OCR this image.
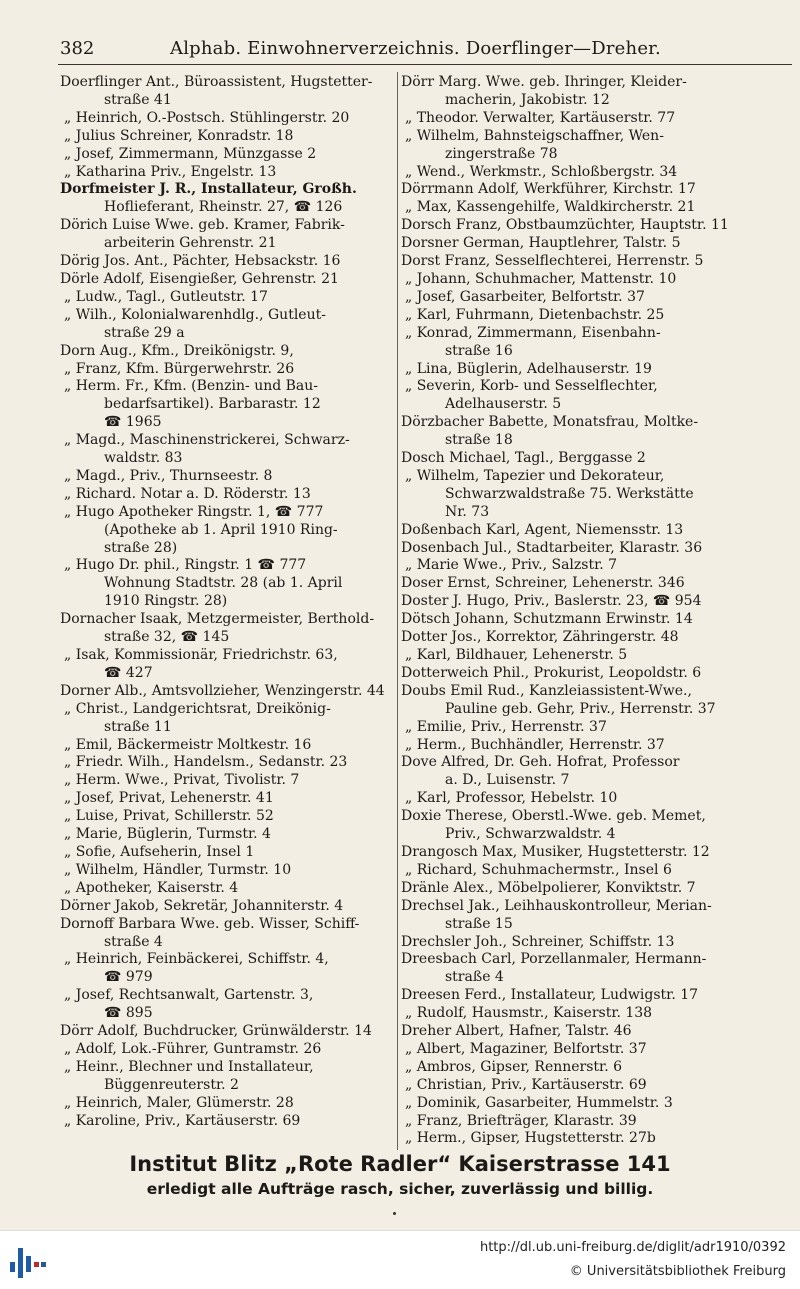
382	Alphab. Einwohnerverzeichnis. Doerflinger—Dreher.
Doerflinger Ant., Büroassistent, Hugstetter-
straße 41
„ Heinrich, O.-Postsch. Stühlingerstr. 20
„ Julius Schreiner, Konradstr. 18
„ Josef, Zimmermann, Münzgasse 2
„ Katharina Priv., Engelstr. 13
Dorfmeister J. R., Installateur, Großh.
Hoflieferant, Rheinstr. 27, ☎ 126
Dörich Luise Wwe. geb. Kramer, Fabrik-
arbeiterin Gehrenstr. 21
Dörig Jos. Ant., Pächter, Hebsackstr. 16
Dörle Adolf, Eisengießer, Gehrenstr. 21
„ Ludw., Tagl., Gutleutstr. 17
„ Wilh., Kolonialwarenhdlg., Gutleut-
straße 29 a
Dorn Aug., Kfm., Dreikönigstr. 9,
„ Franz, Kfm. Bürgerwehrstr. 26
„ Herm. Fr., Kfm. (Benzin- und Bau-
bedarfsartikel). Barbarastr. 12
☎ 1965
„ Magd., Maschinenstrickerei, Schwarz-
waldstr. 83
„ Magd., Priv., Thurnseestr. 8
„ Richard. Notar a. D. Röderstr. 13
„ Hugo Apotheker Ringstr. 1, ☎ 777
(Apotheke ab 1. April 1910 Ring-
straße 28)
„ Hugo Dr. phil., Ringstr. 1 ☎ 777
Wohnung Stadtstr. 28 (ab 1. April
1910 Ringstr. 28)
Dornacher Isaak, Metzgermeister, Berthold-
straße 32, ☎ 145
„ Isak, Kommissionär, Friedrichstr. 63,
☎ 427
Dorner Alb., Amtsvollzieher, Wenzingerstr. 44
„ Christ., Landgerichtsrat, Dreikönig-
straße 11
„ Emil, Bäckermeistr Moltkestr. 16
„ Friedr. Wilh., Handelsm., Sedanstr. 23
„ Herm. Wwe., Privat, Tivolistr. 7
„ Josef, Privat, Lehenerstr. 41
„ Luise, Privat, Schillerstr. 52
„ Marie, Büglerin, Turmstr. 4
„ Sofie, Aufseherin, Insel 1
„ Wilhelm, Händler, Turmstr. 10
„ Apotheker, Kaiserstr. 4
Dörner Jakob, Sekretär, Johanniterstr. 4
Dornoff Barbara Wwe. geb. Wisser, Schiff-
straße 4
„ Heinrich, Feinbäckerei, Schiffstr. 4,
☎ 979
„ Josef, Rechtsanwalt, Gartenstr. 3,
☎ 895
Dörr Adolf, Buchdrucker, Grünwälderstr. 14
„ Adolf, Lok.-Führer, Guntramstr. 26
„ Heinr., Blechner und Installateur,
Büggenreuterstr. 2
„ Heinrich, Maler, Glümerstr. 28
„ Karoline, Priv., Kartäuserstr. 69
Dörr Marg. Wwe. geb. Ihringer, Kleider-
macherin, Jakobistr. 12
„ Theodor. Verwalter, Kartäuserstr. 77
„ Wilhelm, Bahnsteigschaffner, Wen-
zingerstraße 78
„ Wend., Werkmstr., Schloßbergstr. 34
Dörrmann Adolf, Werkführer, Kirchstr. 17
„ Max, Kassengehilfe, Waldkircherstr. 21
Dorsch Franz, Obstbaumzüchter, Hauptstr. 11
Dorsner German, Hauptlehrer, Talstr. 5
Dorst Franz, Sesselflechterei, Herrenstr. 5
„ Johann, Schuhmacher, Mattenstr. 10
„ Josef, Gasarbeiter, Belfortstr. 37
„ Karl, Fuhrmann, Dietenbachstr. 25
„ Konrad, Zimmermann, Eisenbahn-
straße 16
„ Lina, Büglerin, Adelhauserstr. 19
„ Severin, Korb- und Sesselflechter,
Adelhauserstr. 5
Dörzbacher Babette, Monatsfrau, Moltke-
straße 18
Dosch Michael, Tagl., Berggasse 2
„ Wilhelm, Tapezier und Dekorateur,
Schwarzwaldstraße 75. Werkstätte
Nr. 73
Doßenbach Karl, Agent, Niemensstr. 13
Dosenbach Jul., Stadtarbeiter, Klarastr. 36
„ Marie Wwe., Priv., Salzstr. 7
Doser Ernst, Schreiner, Lehenerstr. 346
Doster J. Hugo, Priv., Baslerstr. 23, ☎ 954
Dötsch Johann, Schutzmann Erwinstr. 14
Dotter Jos., Korrektor, Zähringerstr. 48
„ Karl, Bildhauer, Lehenerstr. 5
Dotterweich Phil., Prokurist, Leopoldstr. 6
Doubs Emil Rud., Kanzleiassistent-Wwe.,
Pauline geb. Gehr, Priv., Herrenstr. 37
„ Emilie, Priv., Herrenstr. 37
„ Herm., Buchhändler, Herrenstr. 37
Dove Alfred, Dr. Geh. Hofrat, Professor
a. D., Luisenstr. 7
„ Karl, Professor, Hebelstr. 10
Doxie Therese, Oberstl.-Wwe. geb. Memet,
Priv., Schwarzwaldstr. 4
Drangosch Max, Musiker, Hugstetterstr. 12
„ Richard, Schuhmachermstr., Insel 6
Dränle Alex., Möbelpolierer, Konviktstr. 7
Drechsel Jak., Leihhauskontrolleur, Merian-
straße 15
Drechsler Joh., Schreiner, Schiffstr. 13
Dreesbach Carl, Porzellanmaler, Hermann-
straße 4
Dreesen Ferd., Installateur, Ludwigstr. 17
„ Rudolf, Hausmstr., Kaiserstr. 138
Dreher Albert, Hafner, Talstr. 46
„ Albert, Magaziner, Belfortstr. 37
„ Ambros, Gipser, Rennerstr. 6
„ Christian, Priv., Kartäuserstr. 69
„ Dominik, Gasarbeiter, Hummelstr. 3
„ Franz, Briefträger, Klarastr. 39
„ Herm., Gipser, Hugstetterstr. 27b
Institut Blitz „Rote Radler“ Kaiserstrasse 141
erledigt alle Aufträge rasch, sicher, zuverlässig und billig.
http://dl.ub.uni-freiburg.de/diglit/adr1910/0392
© Universitätsbibliothek Freiburg
